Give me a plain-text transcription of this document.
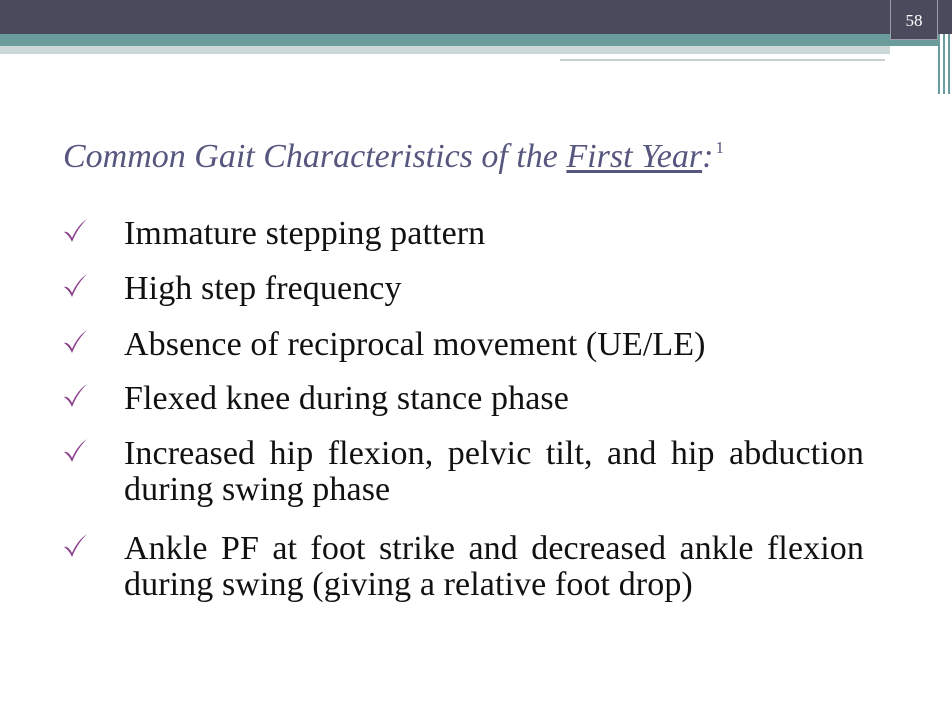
58
Common Gait Characteristics of the First Year: $^1$

Immature stepping pattern

High step frequency

Absence of reciprocal movement (UE/LE)

Flexed knee during stance phase

Increased hip flexion, pelvic tilt, and hip abduction during swing phase

Ankle PF at foot strike and decreased ankle flexion during swing (giving a relative foot drop)
